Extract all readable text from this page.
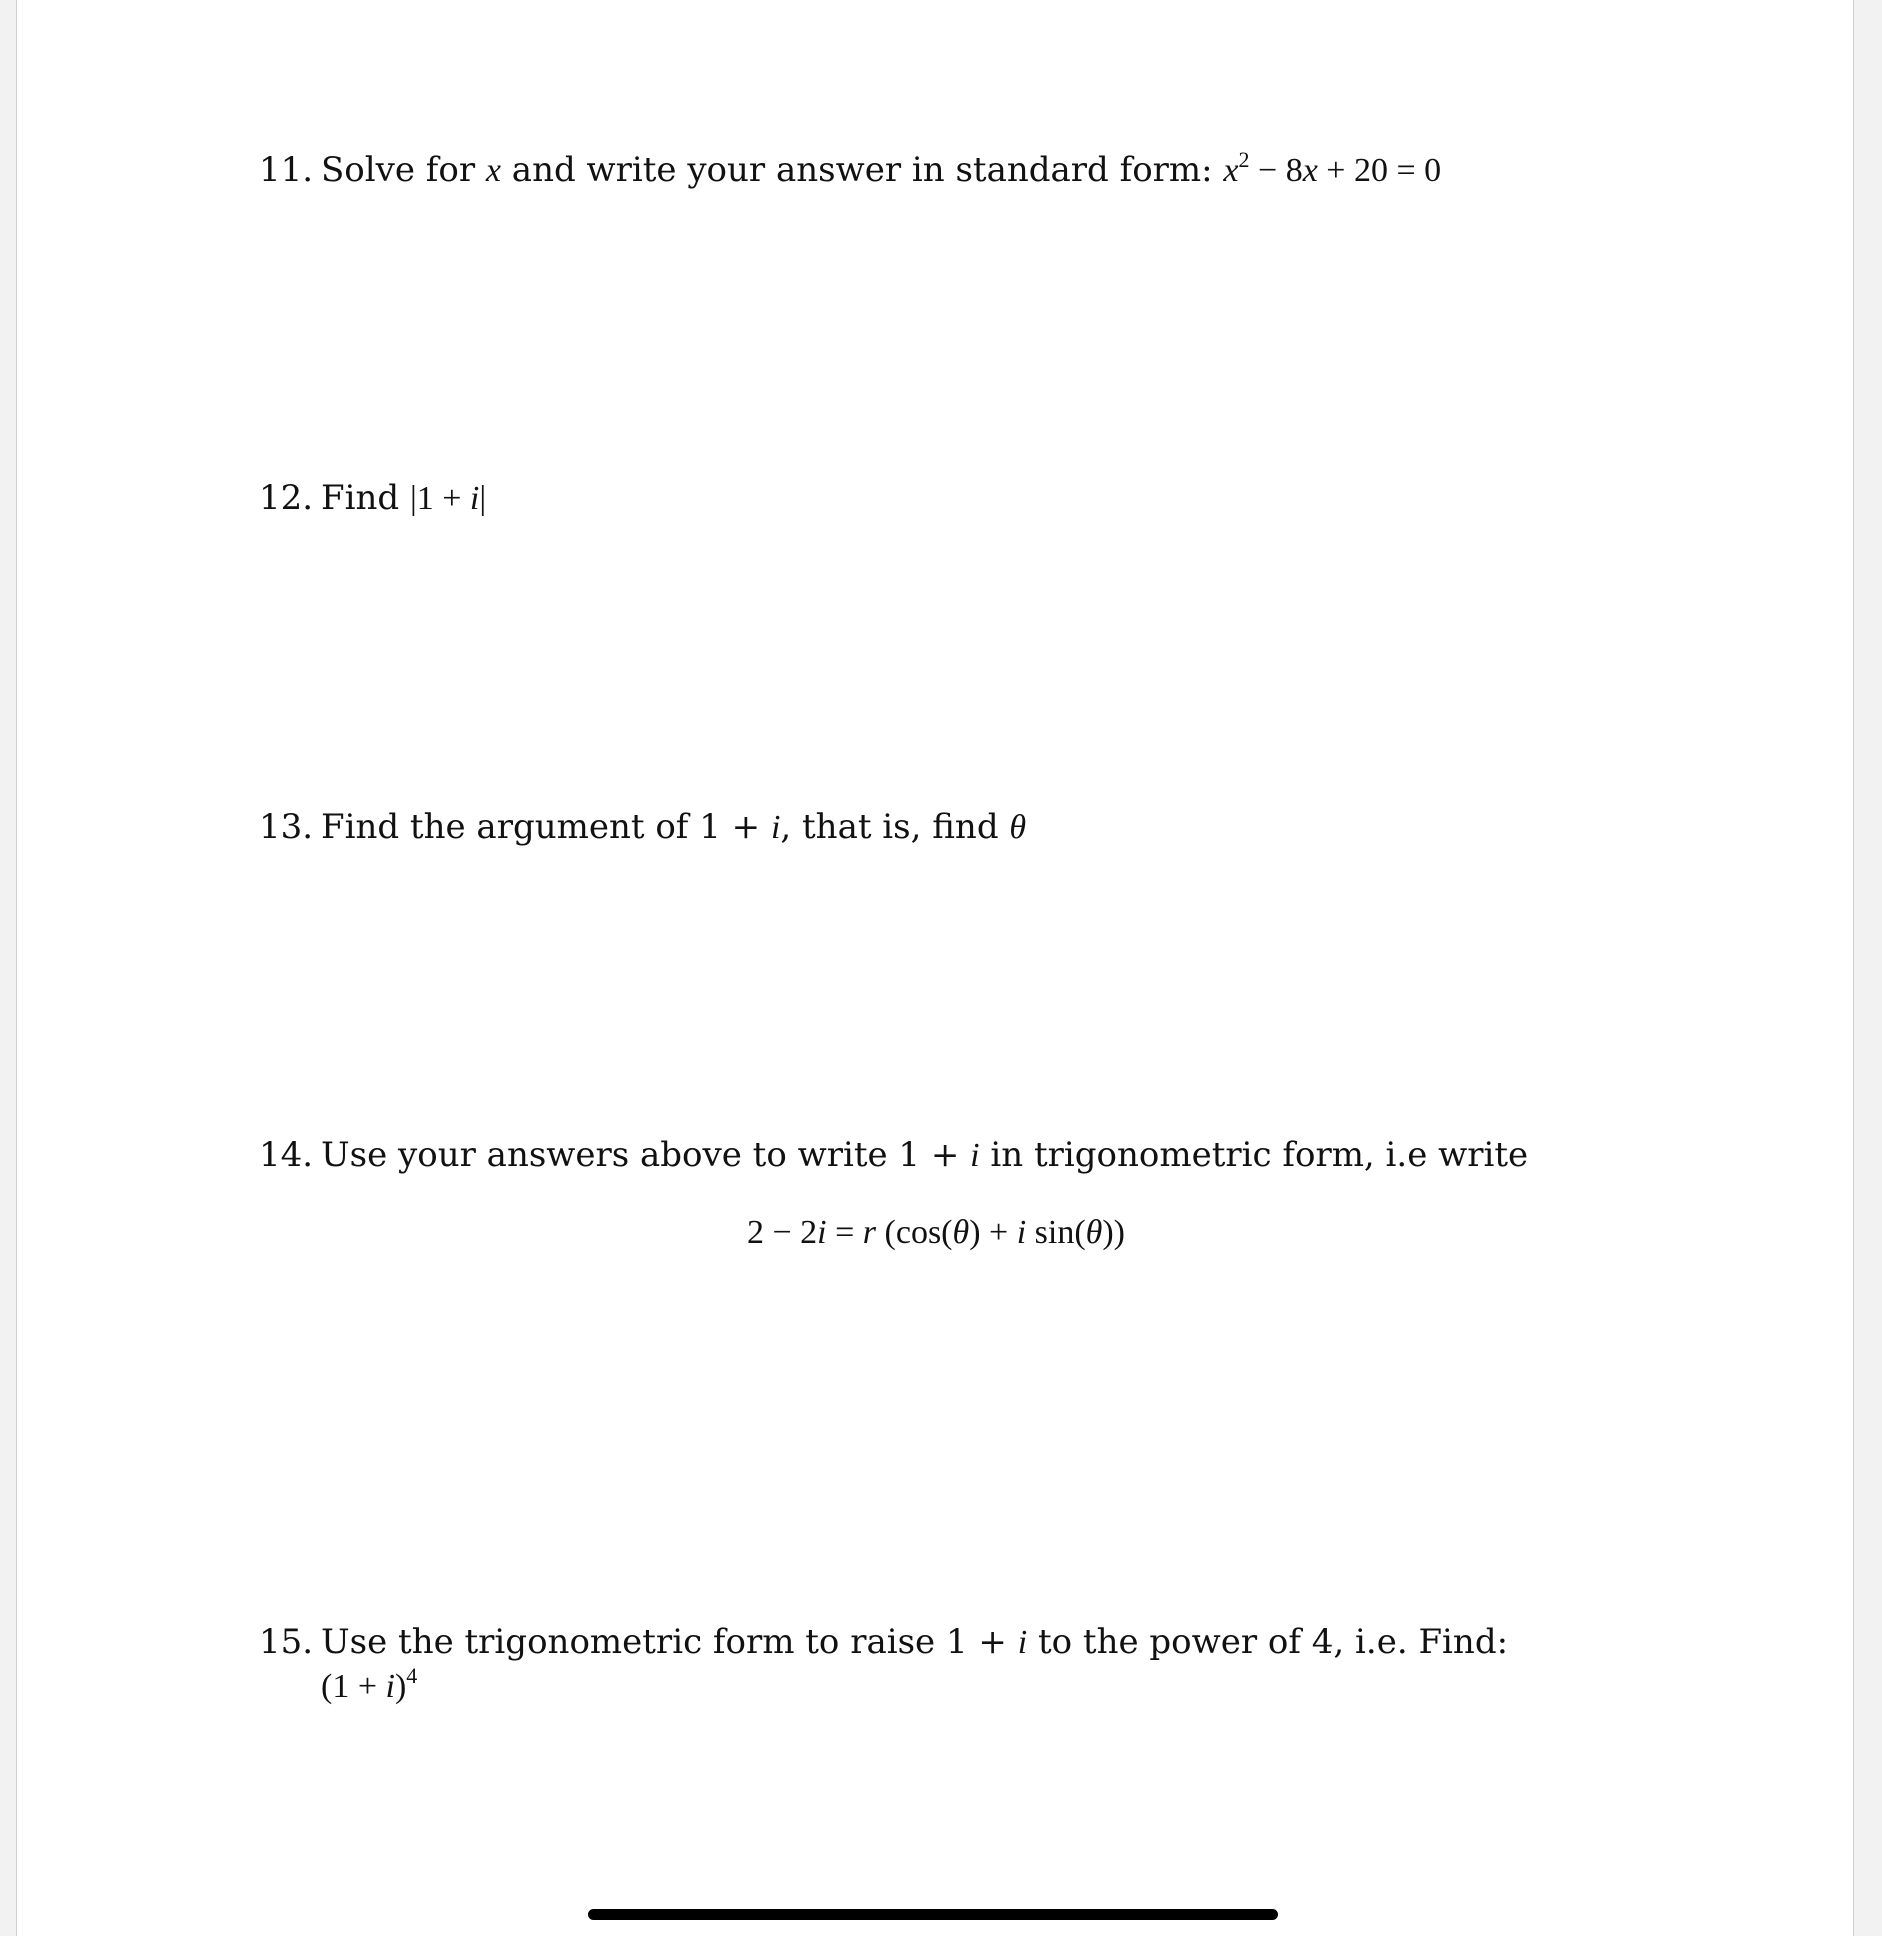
11. Solve for x and write your answer in standard form: $x^2 - 8x + 20 = 0$
12. Find |1 + i|
13. Find the argument of 1 + i, that is, find θ
14. Use your answers above to write 1 + i in trigonometric form, i.e write
2 − 2i = r (cos(θ) + i sin(θ))
15. Use the trigonometric form to raise 1 + i to the power of 4, i.e. Find:
$(1 + i)^4$
